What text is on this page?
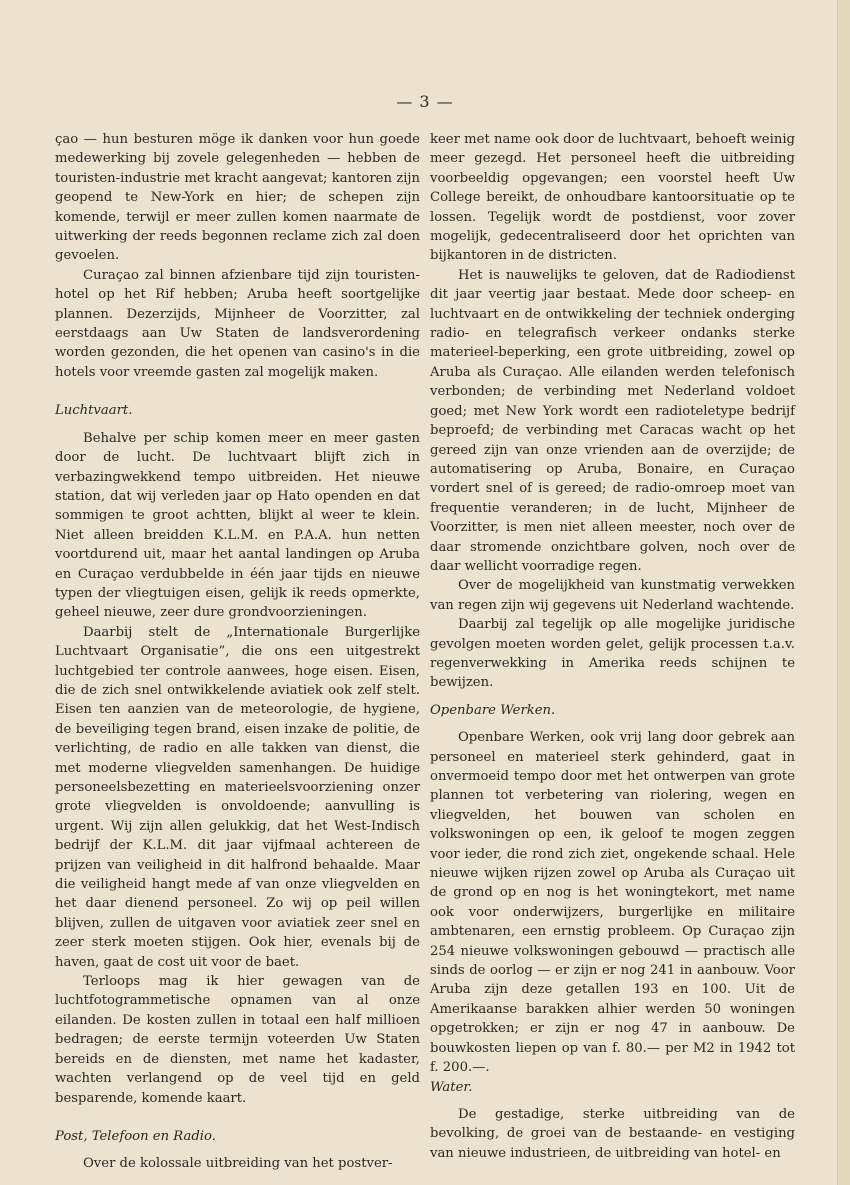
— 3 —

çao — hun besturen möge ik danken voor hun goede medewerking bij zovele gelegenheden — hebben de touristen-industrie met kracht aangevat; kantoren zijn geopend te New-York en hier; de schepen zijn komende, terwijl er meer zullen komen naarmate de uitwerking der reeds begonnen reclame zich zal doen gevoelen.

Curaçao zal binnen afzienbare tijd zijn touristen-hotel op het Rif hebben; Aruba heeft soortgelijke plannen. Dezerzijds, Mijnheer de Voorzitter, zal eerstdaags aan Uw Staten de landsverordening worden gezonden, die het openen van casino's in die hotels voor vreemde gasten zal mogelijk maken.

Luchtvaart.

Behalve per schip komen meer en meer gasten door de lucht. De luchtvaart blijft zich in verbazingwekkend tempo uitbreiden. Het nieuwe station, dat wij verleden jaar op Hato openden en dat sommigen te groot achtten, blijkt al weer te klein. Niet alleen breidden K.L.M. en P.A.A. hun netten voortdurend uit, maar het aantal landingen op Aruba en Curaçao verdubbelde in één jaar tijds en nieuwe typen der vliegtuigen eisen, gelijk ik reeds opmerkte, geheel nieuwe, zeer dure grondvoorzieningen.

Daarbij stelt de „Internationale Burgerlijke Luchtvaart Organisatie”, die ons een uitgestrekt luchtgebied ter controle aanwees, hoge eisen. Eisen, die de zich snel ontwikkelende aviatiek ook zelf stelt. Eisen ten aanzien van de meteorologie, de hygiene, de beveiliging tegen brand, eisen inzake de politie, de verlichting, de radio en alle takken van dienst, die met moderne vliegvelden samenhangen. De huidige personeelsbezetting en materieelsvoorziening onzer grote vliegvelden is onvoldoende; aanvulling is urgent. Wij zijn allen gelukkig, dat het West-Indisch bedrijf der K.L.M. dit jaar vijfmaal achtereen de prijzen van veiligheid in dit halfrond behaalde. Maar die veiligheid hangt mede af van onze vliegvelden en het daar dienend personeel. Zo wij op peil willen blijven, zullen de uitgaven voor aviatiek zeer snel en zeer sterk moeten stijgen. Ook hier, evenals bij de haven, gaat de cost uit voor de baet.

Terloops mag ik hier gewagen van de luchtfotogrammetische opnamen van al onze eilanden. De kosten zullen in totaal een half millioen bedragen; de eerste termijn voteerden Uw Staten bereids en de diensten, met name het kadaster, wachten verlangend op de veel tijd en geld besparende, komende kaart.

Post, Telefoon en Radio.

Over de kolossale uitbreiding van het postver-

keer met name ook door de luchtvaart, behoeft weinig meer gezegd. Het personeel heeft die uitbreiding voorbeeldig opgevangen; een voorstel heeft Uw College bereikt, de onhoudbare kantoorsituatie op te lossen. Tegelijk wordt de postdienst, voor zover mogelijk, gedecentraliseerd door het oprichten van bijkantoren in de districten.

Het is nauwelijks te geloven, dat de Radiodienst dit jaar veertig jaar bestaat. Mede door scheep- en luchtvaart en de ontwikkeling der techniek onderging radio- en telegrafisch verkeer ondanks sterke materieel-beperking, een grote uitbreiding, zowel op Aruba als Curaçao. Alle eilanden werden telefonisch verbonden; de verbinding met Nederland voldoet goed; met New York wordt een radioteletype bedrijf beproefd; de verbinding met Caracas wacht op het gereed zijn van onze vrienden aan de overzijde; de automatisering op Aruba, Bonaire, en Curaçao vordert snel of is gereed; de radio-omroep moet van frequentie veranderen; in de lucht, Mijnheer de Voorzitter, is men niet alleen meester, noch over de daar stromende onzichtbare golven, noch over de daar wellicht voorradige regen.

Over de mogelijkheid van kunstmatig verwekken van regen zijn wij gegevens uit Nederland wachtende.

Daarbij zal tegelijk op alle mogelijke juridische gevolgen moeten worden gelet, gelijk processen t.a.v. regenverwekking in Amerika reeds schijnen te bewijzen.

Openbare Werken.

Openbare Werken, ook vrij lang door gebrek aan personeel en materieel sterk gehinderd, gaat in onvermoeid tempo door met het ontwerpen van grote plannen tot verbetering van riolering, wegen en vliegvelden, het bouwen van scholen en volkswoningen op een, ik geloof te mogen zeggen voor ieder, die rond zich ziet, ongekende schaal. Hele nieuwe wijken rijzen zowel op Aruba als Curaçao uit de grond op en nog is het woningtekort, met name ook voor onderwijzers, burgerlijke en militaire ambtenaren, een ernstig probleem. Op Curaçao zijn 254 nieuwe volkswoningen gebouwd — practisch alle sinds de oorlog — er zijn er nog 241 in aanbouw. Voor Aruba zijn deze getallen 193 en 100. Uit de Amerikaanse barakken alhier werden 50 woningen opgetrokken; er zijn er nog 47 in aanbouw. De bouwkosten liepen op van f. 80.— per M2 in 1942 tot f. 200.—.

Water.

De gestadige, sterke uitbreiding van de bevolking, de groei van de bestaande- en vestiging van nieuwe industrieen, de uitbreiding van hotel- en
